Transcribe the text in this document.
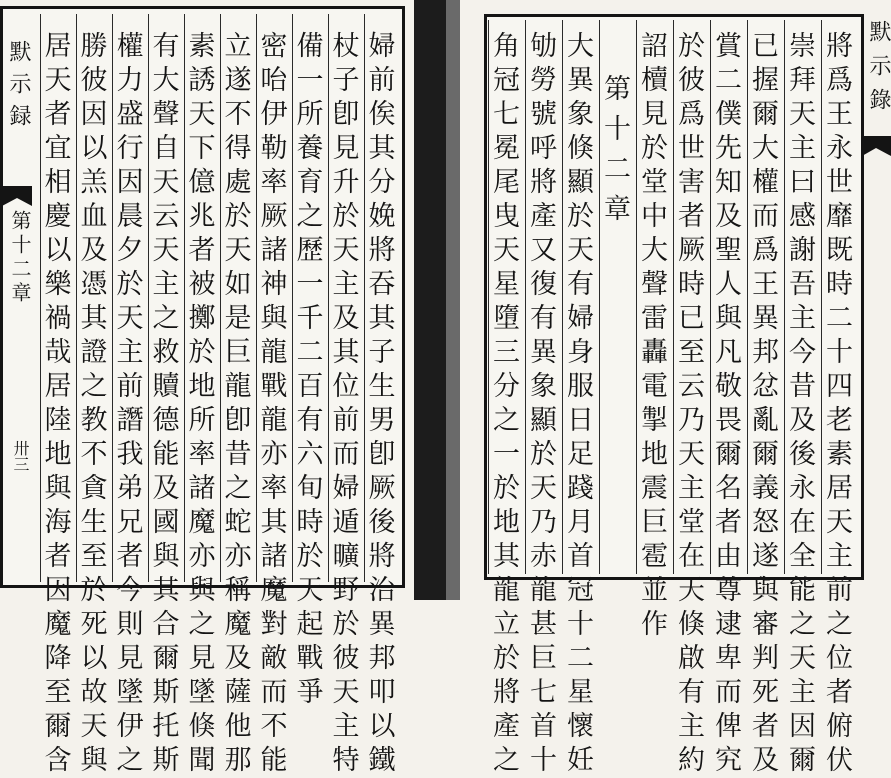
默示録
第十二章
卅三
婦
前
俟
其
分
娩
將
吞
其
子
生
男
卽
厥
後
將
治
異
邦
叩
以
鐵
杖
子
卽
見
升
於
天
主
及
其
位
前
而
婦
遁
曠
野
於
彼
天
主
特
備
一
所
養
育
之
歷
一
千
二
百
有
六
旬
時
於
天
起
戰
爭
密
咍
伊
勒
率
厥
諸
神
與
龍
戰
龍
亦
率
其
諸
魔
對
敵
而
不
能
立
遂
不
得
處
於
天
如
是
巨
龍
卽
昔
之
蛇
亦
稱
魔
及
薩
他
那
素
誘
天
下
億
兆
者
被
擲
於
地
所
率
諸
魔
亦
與
之
見
墜
倏
聞
有
大
聲
自
天
云
天
主
之
救
贖
德
能
及
國
與
其
合
爾
斯
托
斯
權
力
盛
行
因
晨
夕
於
天
主
前
譖
我
弟
兄
者
今
則
見
墜
伊
之
勝
彼
因
以
羔
血
及
憑
其
證
之
教
不
貪
生
至
於
死
以
故
天
與
居
天
者
宜
相
慶
以
樂
禍
哉
居
陸
地
與
海
者
因
魔
降
至
爾
含
默示錄
將
爲
王
永
世
靡
既
時
二
十
四
老
素
居
天
主
前
之
位
者
俯
伏
崇
拜
天
主
曰
感
謝
吾
主
今
昔
及
後
永
在
全
能
之
天
主
因
爾
已
握
爾
大
權
而
爲
王
異
邦
忿
亂
爾
義
怒
遂
與
審
判
死
者
及
賞
二
僕
先
知
及
聖
人
與
凡
敬
畏
爾
名
者
由
尊
逮
卑
而
俾
究
於
彼
爲
世
害
者
厥
時
已
至
云
乃
天
主
堂
在
天
倏
啟
有
主
約
詔
櫝
見
於
堂
中
大
聲
雷
轟
電
掣
地
震
巨
雹
並
作
第
十
二
章
大
異
象
倏
顯
於
天
有
婦
身
服
日
足
踐
月
首
冠
十
二
星
懷
妊
劬
勞
號
呼
將
產
又
復
有
異
象
顯
於
天
乃
赤
龍
甚
巨
七
首
十
角
冠
七
冕
尾
曳
天
星
墮
三
分
之
一
於
地
其
龍
立
於
將
產
之
